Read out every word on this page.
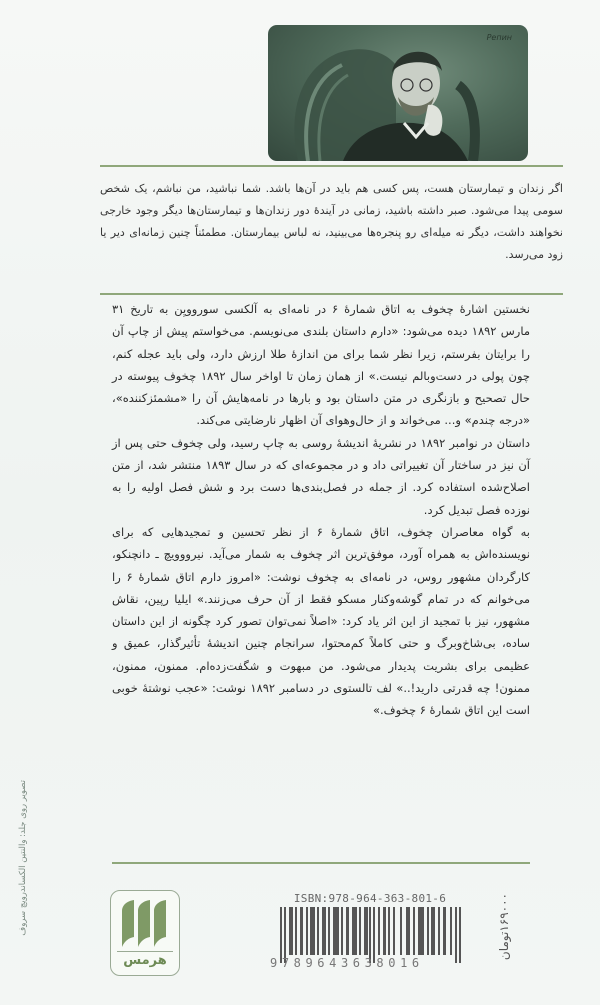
Репин
اگر زندان و تیمارستان هست، پس کسی هم باید در آن‌ها باشد. شما نباشید، من نباشم، یک شخص سومی پیدا می‌شود. صبر داشته باشید، زمانی در آیندهٔ دور زندان‌ها و تیمارستان‌ها دیگر وجود خارجی نخواهند داشت، دیگر نه میله‌ای رو پنجره‌ها می‌بینید، نه لباس بیمارستان. مطمئناً چنین زمانه‌ای دیر یا زود می‌رسد.

نخستین اشارهٔ چخوف به اتاق شمارهٔ ۶ در نامه‌ای به آلکسی سوروویِن به تاریخ ۳۱ مارس ۱۸۹۲ دیده می‌شود: «دارم داستان بلندی می‌نویسم. می‌خواستم پیش از چاپ آن را برایتان بفرستم، زیرا نظر شما برای من اندازهٔ طلا ارزش دارد، ولی باید عجله کنم، چون پولی در دست‌وبالم نیست.» از همان زمان تا اواخر سال ۱۸۹۲ چخوف پیوسته در حال تصحیح و بازنگری در متن داستان بود و بارها در نامه‌هایش آن را «مشمئزکننده»، «درجه چندم» و... می‌خواند و از حال‌وهوای آن اظهار نارضایتی می‌کند.

داستان در نوامبر ۱۸۹۲ در نشریهٔ اندیشهٔ روسی به چاپ رسید، ولی چخوف حتی پس از آن نیز در ساختار آن تغییراتی داد و در مجموعه‌ای که در سال ۱۸۹۳ منتشر شد، از متن اصلاح‌شده استفاده کرد. از جمله در فصل‌بندی‌ها دست برد و شش فصل اولیه را به نوزده فصل تبدیل کرد.

به گواه معاصران چخوف، اتاق شمارهٔ ۶ از نظر تحسین و تمجیدهایی که برای نویسنده‌اش به همراه آورد، موفق‌ترین اثر چخوف به شمار می‌آید. نیرووویچ ـ دانچنکو، کارگردان مشهور روس، در نامه‌ای به چخوف نوشت: «امروز دارم اتاق شمارهٔ ۶ را می‌خوانم که در تمام گوشه‌وکنار مسکو فقط از آن حرف می‌زنند.» ایلیا رپین، نقاش مشهور، نیز با تمجید از این اثر یاد کرد: «اصلاً نمی‌توان تصور کرد چگونه از این داستان ساده، بی‌شاخ‌وبرگ و حتی کاملاً کم‌محتوا، سرانجام چنین اندیشهٔ تأثیرگذار، عمیق و عظیمی برای بشریت پدیدار می‌شود. من مبهوت و شگفت‌زده‌ام. ممنون، ممنون، ممنون! چه قدرتی دارید!..» لف تالستوی در دسامبر ۱۸۹۲ نوشت: «عجب نوشتهٔ خوبی است این اتاق شمارهٔ ۶ چخوف.»

تصویر روی جلد: والنتین الکساندرویچ سروف
هرمس
ISBN:978-964-363-801-6
9789643638016
۱۶۹۰۰۰تومان
